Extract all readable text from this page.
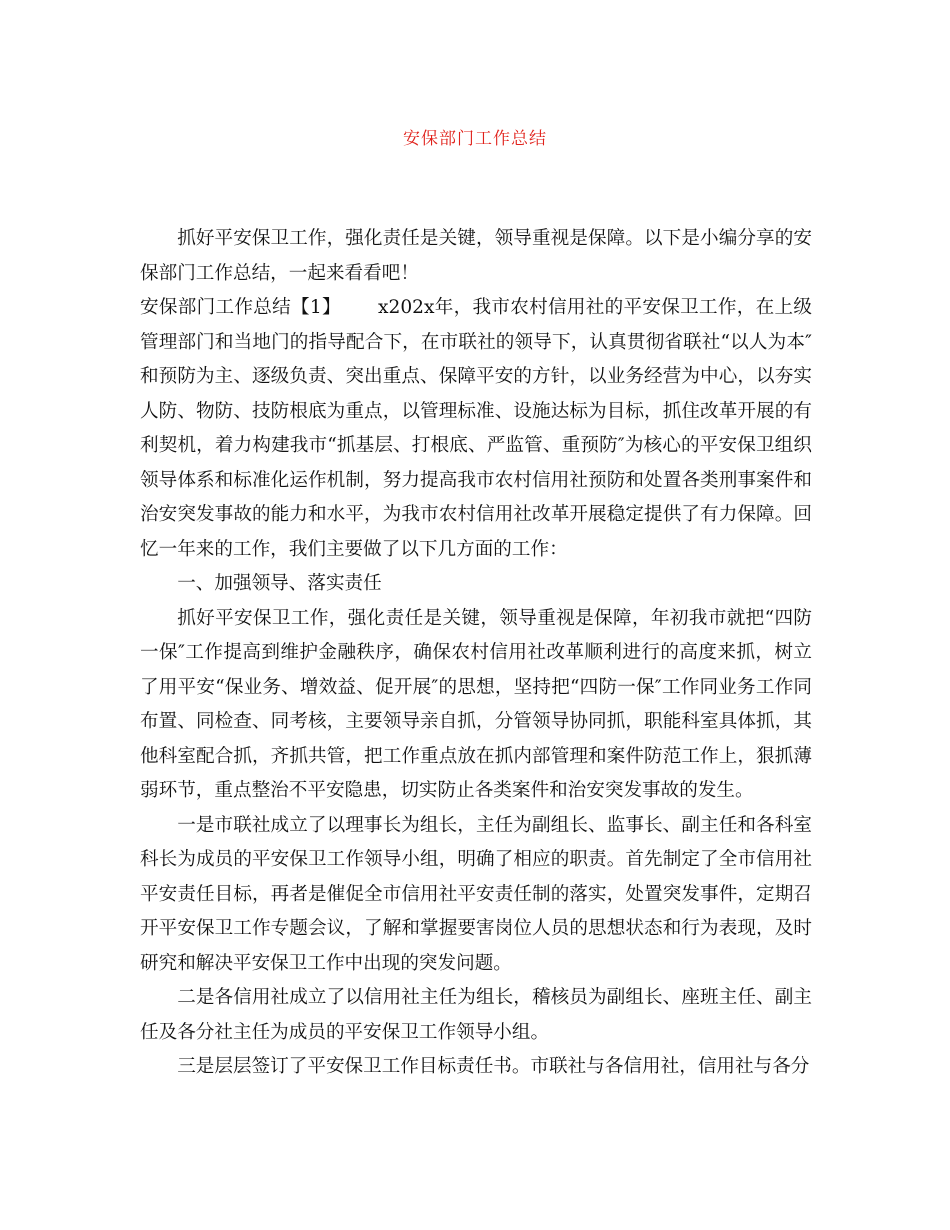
安保部门工作总结

抓好平安保卫工作，强化责任是关键，领导重视是保障。以下是小编分享的安保部门工作总结，一起来看看吧！

安保部门工作总结【1】 x202x年，我市农村信用社的平安保卫工作，在上级管理部门和当地门的指导配合下，在市联社的领导下，认真贯彻省联社“以人为本″和预防为主、逐级负责、突出重点、保障平安的方针，以业务经营为中心，以夯实人防、物防、技防根底为重点，以管理标准、设施达标为目标，抓住改革开展的有利契机，着力构建我市“抓基层、打根底、严监管、重预防″为核心的平安保卫组织领导体系和标准化运作机制，努力提高我市农村信用社预防和处置各类刑事案件和治安突发事故的能力和水平，为我市农村信用社改革开展稳定提供了有力保障。回忆一年来的工作，我们主要做了以下几方面的工作：

一、加强领导、落实责任

抓好平安保卫工作，强化责任是关键，领导重视是保障，年初我市就把“四防一保″工作提高到维护金融秩序，确保农村信用社改革顺利进行的高度来抓，树立了用平安“保业务、增效益、促开展″的思想，坚持把“四防一保″工作同业务工作同布置、同检查、同考核，主要领导亲自抓，分管领导协同抓，职能科室具体抓，其他科室配合抓，齐抓共管，把工作重点放在抓内部管理和案件防范工作上，狠抓薄弱环节，重点整治不平安隐患，切实防止各类案件和治安突发事故的发生。

一是市联社成立了以理事长为组长，主任为副组长、监事长、副主任和各科室科长为成员的平安保卫工作领导小组，明确了相应的职责。首先制定了全市信用社平安责任目标，再者是催促全市信用社平安责任制的落实，处置突发事件，定期召开平安保卫工作专题会议，了解和掌握要害岗位人员的思想状态和行为表现，及时研究和解决平安保卫工作中出现的突发问题。

二是各信用社成立了以信用社主任为组长，稽核员为副组长、座班主任、副主任及各分社主任为成员的平安保卫工作领导小组。

三是层层签订了平安保卫工作目标责任书。市联社与各信用社，信用社与各分
